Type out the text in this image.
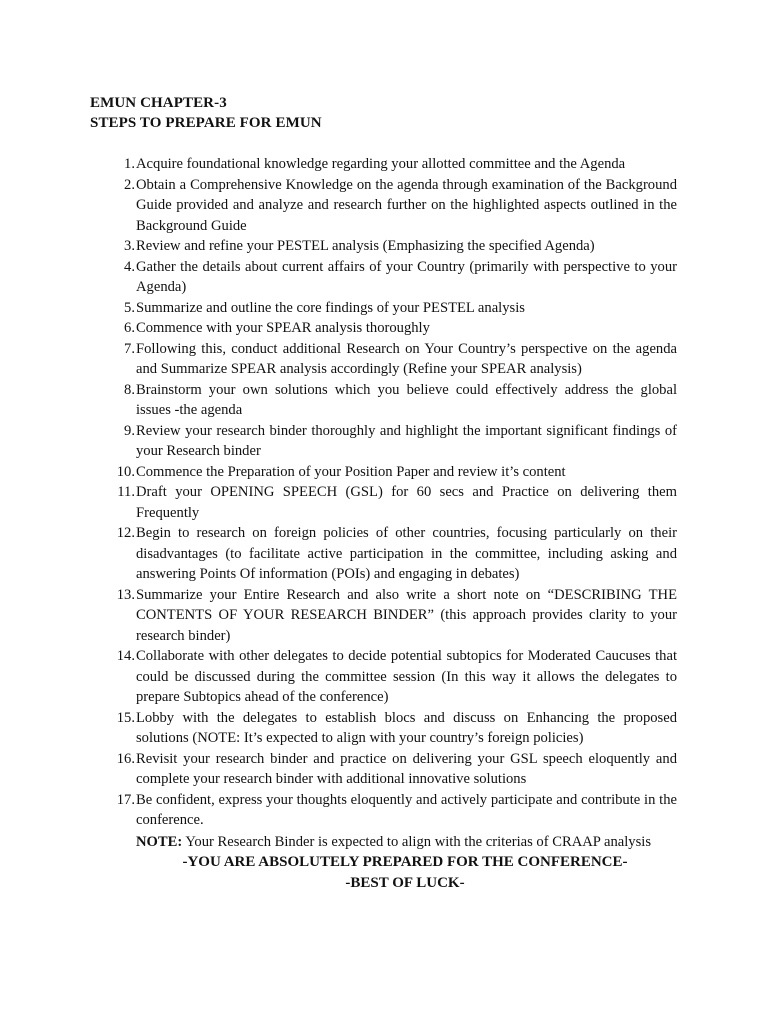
EMUN CHAPTER-3
STEPS TO PREPARE FOR EMUN
1. Acquire foundational knowledge regarding your allotted committee and the Agenda
2. Obtain a Comprehensive Knowledge on the agenda through examination of the Background Guide provided and analyze and research further on the highlighted aspects outlined in the Background Guide
3. Review and refine your PESTEL analysis (Emphasizing the specified Agenda)
4. Gather the details about current affairs of your Country (primarily with perspective to your Agenda)
5. Summarize and outline the core findings of your PESTEL analysis
6. Commence with your SPEAR analysis thoroughly
7. Following this, conduct additional Research on Your Country’s perspective on the agenda and Summarize SPEAR analysis accordingly (Refine your SPEAR analysis)
8. Brainstorm your own solutions which you believe could effectively address the global issues -the agenda
9. Review your research binder thoroughly and highlight the important significant findings of your Research binder
10. Commence the Preparation of your Position Paper and review it’s content
11. Draft your OPENING SPEECH (GSL) for 60 secs and Practice on delivering them Frequently
12. Begin to research on foreign policies of other countries, focusing particularly on their disadvantages (to facilitate active participation in the committee, including asking and answering Points Of information (POIs) and engaging in debates)
13. Summarize your Entire Research and also write a short note on “DESCRIBING THE CONTENTS OF YOUR RESEARCH BINDER” (this approach provides clarity to your research binder)
14. Collaborate with other delegates to decide potential subtopics for Moderated Caucuses that could be discussed during the committee session (In this way it allows the delegates to prepare Subtopics ahead of the conference)
15. Lobby with the delegates to establish blocs and discuss on Enhancing the proposed solutions (NOTE: It’s expected to align with your country’s foreign policies)
16. Revisit your research binder and practice on delivering your GSL speech eloquently and complete your research binder with additional innovative solutions
17. Be confident, express your thoughts eloquently and actively participate and contribute in the conference.

NOTE: Your Research Binder is expected to align with the criterias of CRAAP analysis

-YOU ARE ABSOLUTELY PREPARED FOR THE CONFERENCE-

-BEST OF LUCK-
